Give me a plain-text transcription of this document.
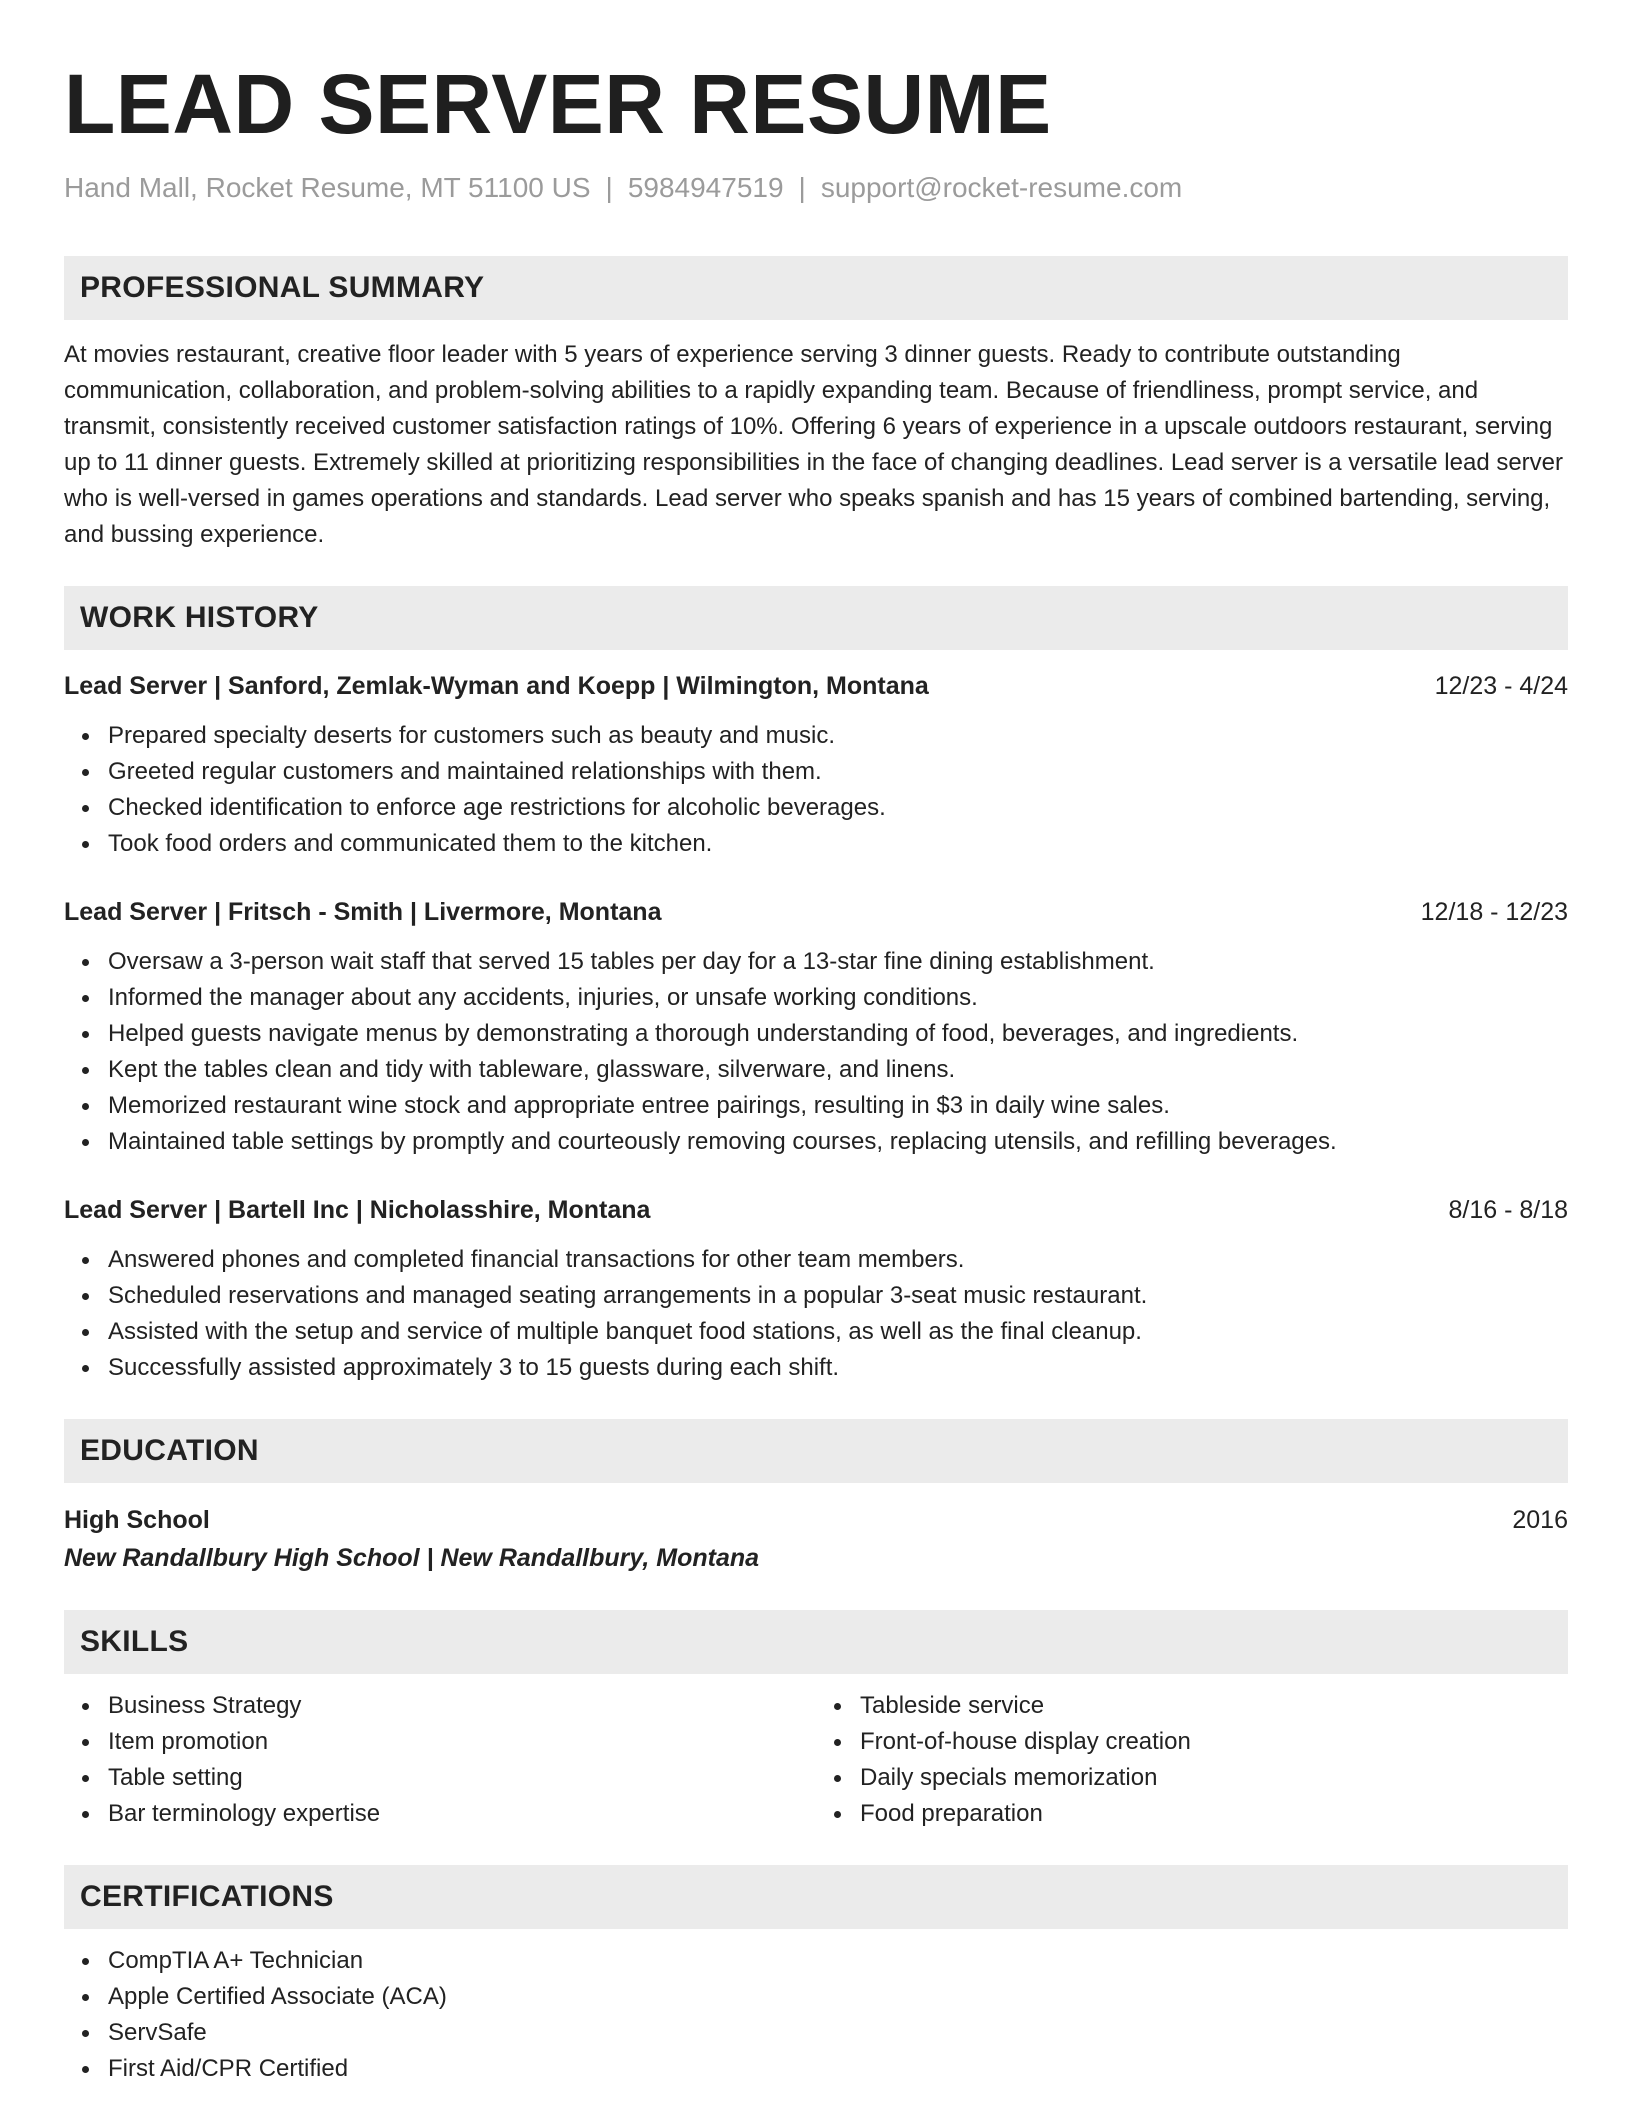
LEAD SERVER RESUME
Hand Mall, Rocket Resume, MT 51100 US | 5984947519 | support@rocket-resume.com
PROFESSIONAL SUMMARY
At movies restaurant, creative floor leader with 5 years of experience serving 3 dinner guests. Ready to contribute outstanding communication, collaboration, and problem-solving abilities to a rapidly expanding team. Because of friendliness, prompt service, and transmit, consistently received customer satisfaction ratings of 10%. Offering 6 years of experience in a upscale outdoors restaurant, serving up to 11 dinner guests. Extremely skilled at prioritizing responsibilities in the face of changing deadlines. Lead server is a versatile lead server who is well-versed in games operations and standards. Lead server who speaks spanish and has 15 years of combined bartending, serving, and bussing experience.
WORK HISTORY
Lead Server | Sanford, Zemlak-Wyman and Koepp | Wilmington, Montana	12/23 - 4/24
Prepared specialty deserts for customers such as beauty and music.
Greeted regular customers and maintained relationships with them.
Checked identification to enforce age restrictions for alcoholic beverages.
Took food orders and communicated them to the kitchen.
Lead Server | Fritsch - Smith | Livermore, Montana	12/18 - 12/23
Oversaw a 3-person wait staff that served 15 tables per day for a 13-star fine dining establishment.
Informed the manager about any accidents, injuries, or unsafe working conditions.
Helped guests navigate menus by demonstrating a thorough understanding of food, beverages, and ingredients.
Kept the tables clean and tidy with tableware, glassware, silverware, and linens.
Memorized restaurant wine stock and appropriate entree pairings, resulting in $3 in daily wine sales.
Maintained table settings by promptly and courteously removing courses, replacing utensils, and refilling beverages.
Lead Server | Bartell Inc | Nicholasshire, Montana	8/16 - 8/18
Answered phones and completed financial transactions for other team members.
Scheduled reservations and managed seating arrangements in a popular 3-seat music restaurant.
Assisted with the setup and service of multiple banquet food stations, as well as the final cleanup.
Successfully assisted approximately 3 to 15 guests during each shift.
EDUCATION
High School	2016
New Randallbury High School | New Randallbury, Montana
SKILLS
Business Strategy
Item promotion
Table setting
Bar terminology expertise
Tableside service
Front-of-house display creation
Daily specials memorization
Food preparation
CERTIFICATIONS
CompTIA A+ Technician
Apple Certified Associate (ACA)
ServSafe
First Aid/CPR Certified
